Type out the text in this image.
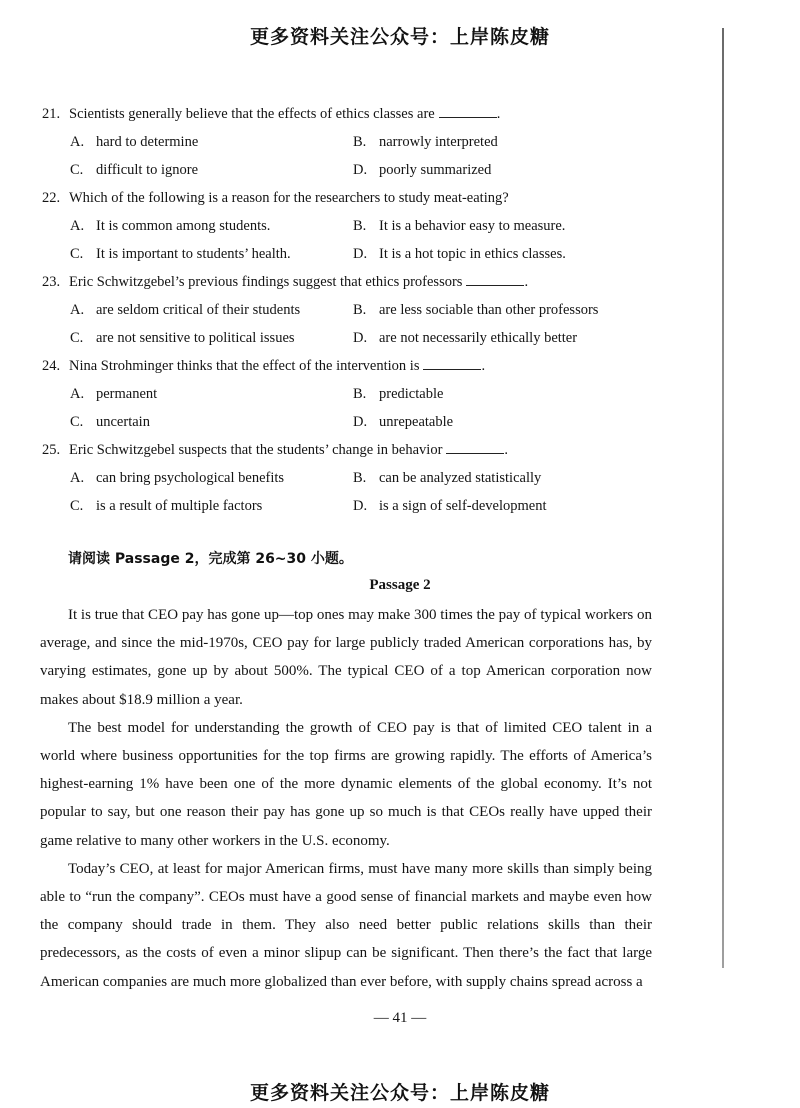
更多资料关注公众号：上岸陈皮糖
21. Scientists generally believe that the effects of ethics classes are	.
A. hard to determine	B. narrowly interpreted
C. difficult to ignore	D. poorly summarized
22. Which of the following is a reason for the researchers to study meat-eating?
A. It is common among students.	B. It is a behavior easy to measure.
C. It is important to students’ health.	D. It is a hot topic in ethics classes.
23. Eric Schwitzgebel’s previous findings suggest that ethics professors	.
A. are seldom critical of their students	B. are less sociable than other professors
C. are not sensitive to political issues	D. are not necessarily ethically better
24. Nina Strohminger thinks that the effect of the intervention is	.
A. permanent	B. predictable
C. uncertain	D. unrepeatable
25. Eric Schwitzgebel suspects that the students’ change in behavior	.
A. can bring psychological benefits	B. can be analyzed statistically
C. is a result of multiple factors	D. is a sign of self-development
请阅读 Passage 2，完成第 26~30 小题。
Passage 2

It is true that CEO pay has gone up—top ones may make 300 times the pay of typical workers on average, and since the mid-1970s, CEO pay for large publicly traded American corporations has, by varying estimates, gone up by about 500%. The typical CEO of a top American corporation now makes about $18.9 million a year.

The best model for understanding the growth of CEO pay is that of limited CEO talent in a world where business opportunities for the top firms are growing rapidly. The efforts of America’s highest-earning 1% have been one of the more dynamic elements of the global economy. It’s not popular to say, but one reason their pay has gone up so much is that CEOs really have upped their game relative to many other workers in the U.S. economy.

Today’s CEO, at least for major American firms, must have many more skills than simply being able to “run the company”. CEOs must have a good sense of financial markets and maybe even how the company should trade in them. They also need better public relations skills than their predecessors, as the costs of even a minor slipup can be significant. Then there’s the fact that large American companies are much more globalized than ever before, with supply chains spread across a

— 41 —
更多资料关注公众号：上岸陈皮糖
